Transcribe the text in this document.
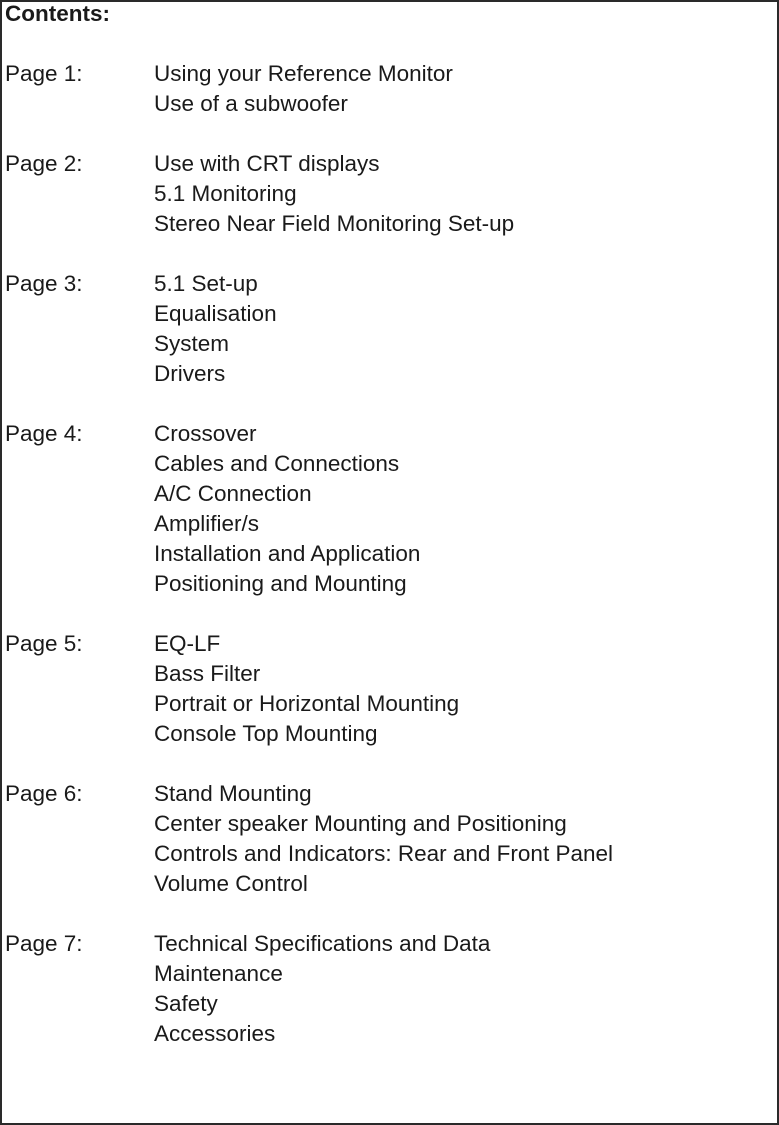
Contents:
Page 1:	Using your Reference Monitor
Use of a subwoofer
Page 2:	Use with CRT displays
5.1 Monitoring
Stereo Near Field Monitoring Set-up
Page 3:	5.1 Set-up
Equalisation
System
Drivers
Page 4:	Crossover
Cables and Connections
A/C Connection
Amplifier/s
Installation and Application
Positioning and Mounting
Page 5:	EQ-LF
Bass Filter
Portrait or Horizontal Mounting
Console Top Mounting
Page 6:	Stand Mounting
Center speaker Mounting and Positioning
Controls and Indicators: Rear and Front Panel
Volume Control
Page 7:	Technical Specifications and Data
Maintenance
Safety
Accessories
